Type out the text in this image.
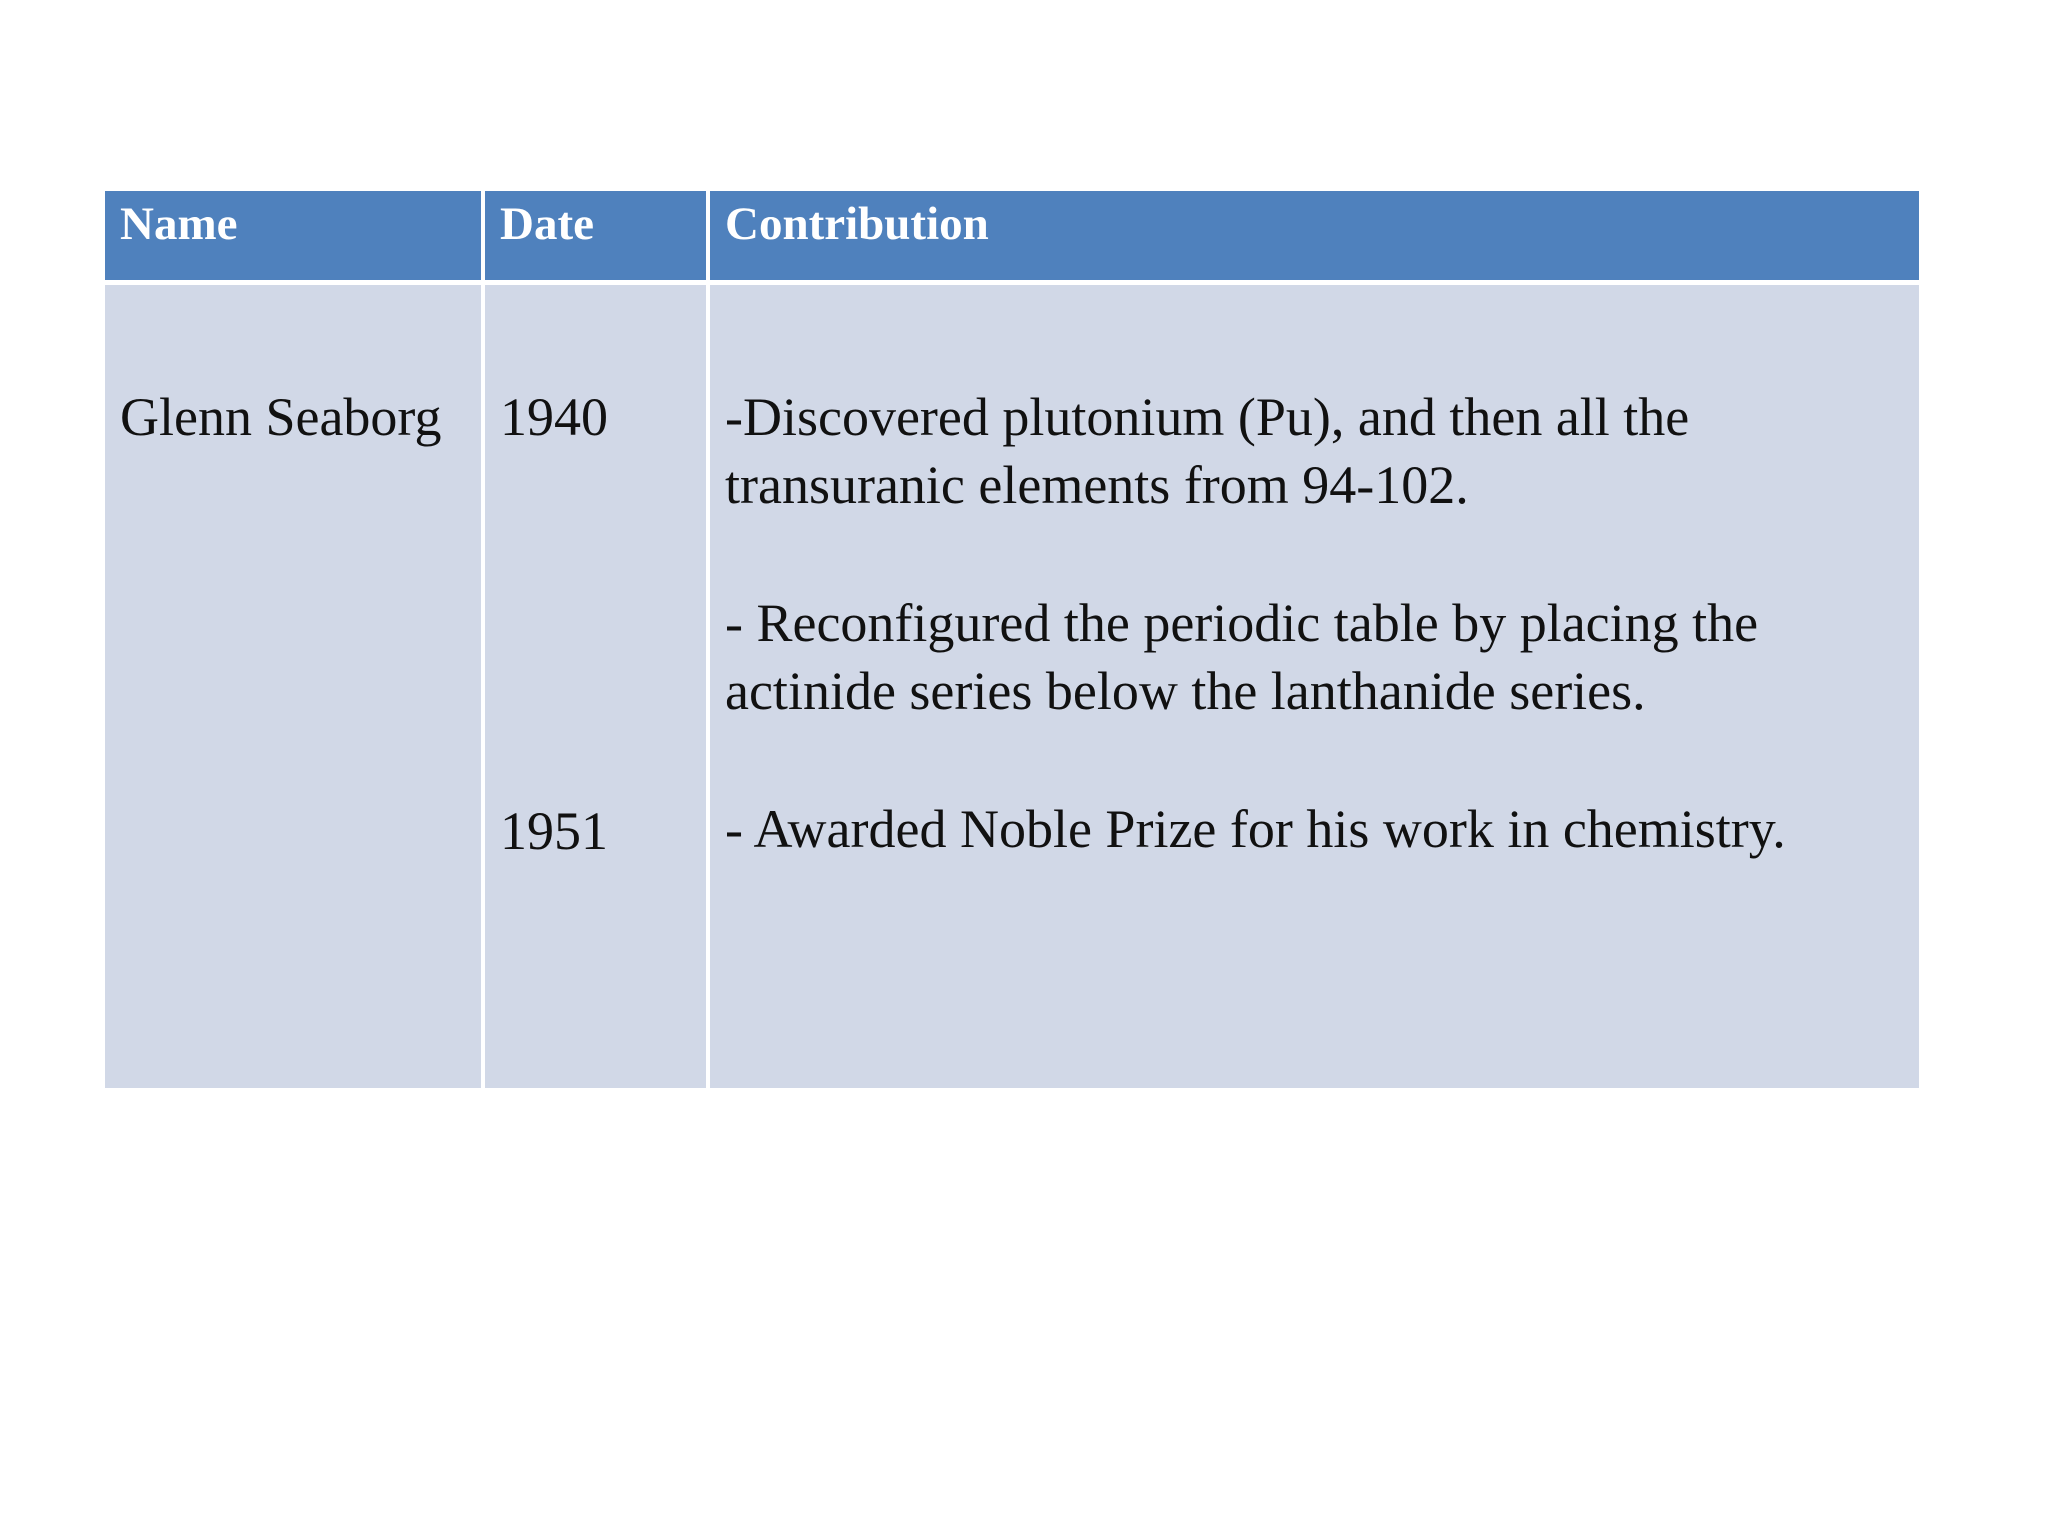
Name	Date	Contribution
Glenn Seaborg 1940
1951
-Discovered plutonium (Pu), and then all the
transuranic elements from 94-102.
- Reconfigured the periodic table by placing the
actinide series below the lanthanide series.
- Awarded Noble Prize for his work in chemistry.
